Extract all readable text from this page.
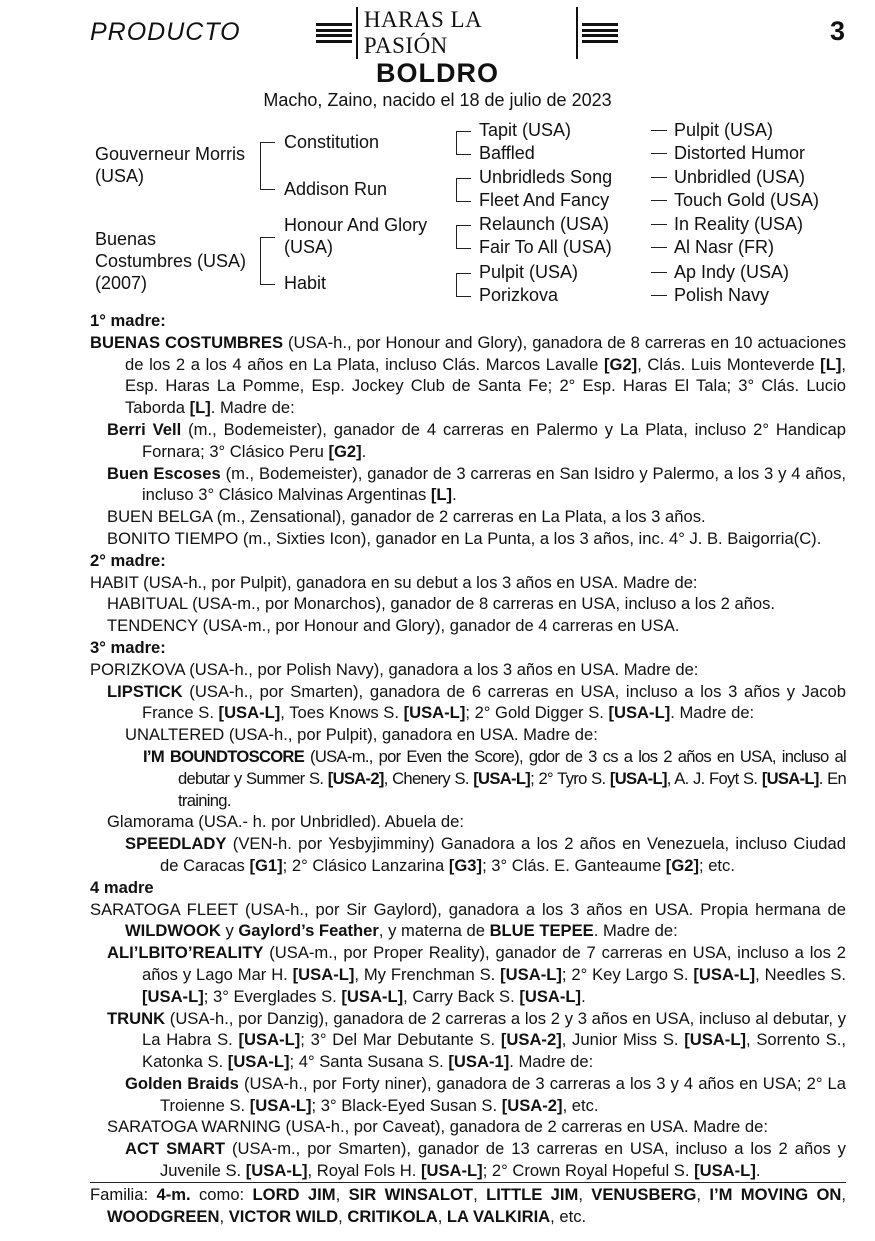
PRODUCTO	HARAS LA PASIÓN	3
BOLDRO
Macho, Zaino, nacido el 18 de julio de 2023
Gouverneur Morris
(USA)
Buenas
Costumbres (USA)
(2007)
Constitution
Addison Run
Honour And Glory
(USA)
Habit
Tapit (USA)
Baffled
Unbridleds Song
Fleet And Fancy
Relaunch (USA)
Fair To All (USA)
Pulpit (USA)
Porizkova
Pulpit (USA)
Distorted Humor
Unbridled (USA)
Touch Gold (USA)
In Reality (USA)
Al Nasr (FR)
Ap Indy (USA)
Polish Navy

1° madre:

BUENAS COSTUMBRES (USA-h., por Honour and Glory), ganadora de 8 carreras en 10 actuaciones de los 2 a los 4 años en La Plata, incluso Clás. Marcos Lavalle [G2], Clás. Luis Monteverde [L], Esp. Haras La Pomme, Esp. Jockey Club de Santa Fe; 2° Esp. Haras El Tala; 3° Clás. Lucio Taborda [L]. Madre de:

Berri Vell (m., Bodemeister), ganador de 4 carreras en Palermo y La Plata, incluso 2° Handicap Fornara; 3° Clásico Peru [G2].

Buen Escoses (m., Bodemeister), ganador de 3 carreras en San Isidro y Palermo, a los 3 y 4 años, incluso 3° Clásico Malvinas Argentinas [L].

BUEN BELGA (m., Zensational), ganador de 2 carreras en La Plata, a los 3 años.

BONITO TIEMPO (m., Sixties Icon), ganador en La Punta, a los 3 años, inc. 4° J. B. Baigorria(C).

2° madre:

HABIT (USA-h., por Pulpit), ganadora en su debut a los 3 años en USA. Madre de:

HABITUAL (USA-m., por Monarchos), ganador de 8 carreras en USA, incluso a los 2 años.

TENDENCY (USA-m., por Honour and Glory), ganador de 4 carreras en USA.

3° madre:

PORIZKOVA (USA-h., por Polish Navy), ganadora a los 3 años en USA. Madre de:

LIPSTICK (USA-h., por Smarten), ganadora de 6 carreras en USA, incluso a los 3 años y Jacob France S. [USA-L], Toes Knows S. [USA-L]; 2° Gold Digger S. [USA-L]. Madre de:

UNALTERED (USA-h., por Pulpit), ganadora en USA. Madre de:

I’M BOUNDTOSCORE (USA-m., por Even the Score), gdor de 3 cs a los 2 años en USA, incluso al debutar y Summer S. [USA-2], Chenery S. [USA-L]; 2° Tyro S. [USA-L], A. J. Foyt S. [USA-L]. En training.

Glamorama (USA.- h. por Unbridled). Abuela de:

SPEEDLADY (VEN-h. por Yesbyjimminy) Ganadora a los 2 años en Venezuela, incluso Ciudad de Caracas [G1]; 2° Clásico Lanzarina [G3]; 3° Clás. E. Ganteaume [G2]; etc.

4 madre

SARATOGA FLEET (USA-h., por Sir Gaylord), ganadora a los 3 años en USA. Propia hermana de WILDWOOK y Gaylord’s Feather, y materna de BLUE TEPEE. Madre de:

ALI’LBITO’REALITY (USA-m., por Proper Reality), ganador de 7 carreras en USA, incluso a los 2 años y Lago Mar H. [USA-L], My Frenchman S. [USA-L]; 2° Key Largo S. [USA-L], Needles S. [USA-L]; 3° Everglades S. [USA-L], Carry Back S. [USA-L].

TRUNK (USA-h., por Danzig), ganadora de 2 carreras a los 2 y 3 años en USA, incluso al debutar, y La Habra S. [USA-L]; 3° Del Mar Debutante S. [USA-2], Junior Miss S. [USA-L], Sorrento S., Katonka S. [USA-L]; 4° Santa Susana S. [USA-1]. Madre de:

Golden Braids (USA-h., por Forty niner), ganadora de 3 carreras a los 3 y 4 años en USA; 2° La Troienne S. [USA-L]; 3° Black-Eyed Susan S. [USA-2], etc.

SARATOGA WARNING (USA-h., por Caveat), ganadora de 2 carreras en USA. Madre de:

ACT SMART (USA-m., por Smarten), ganador de 13 carreras en USA, incluso a los 2 años y Juvenile S. [USA-L], Royal Fols H. [USA-L]; 2° Crown Royal Hopeful S. [USA-L].

Familia: 4-m. como: LORD JIM, SIR WINSALOT, LITTLE JIM, VENUSBERG, I’M MOVING ON, WOODGREEN, VICTOR WILD, CRITIKOLA, LA VALKIRIA, etc.
